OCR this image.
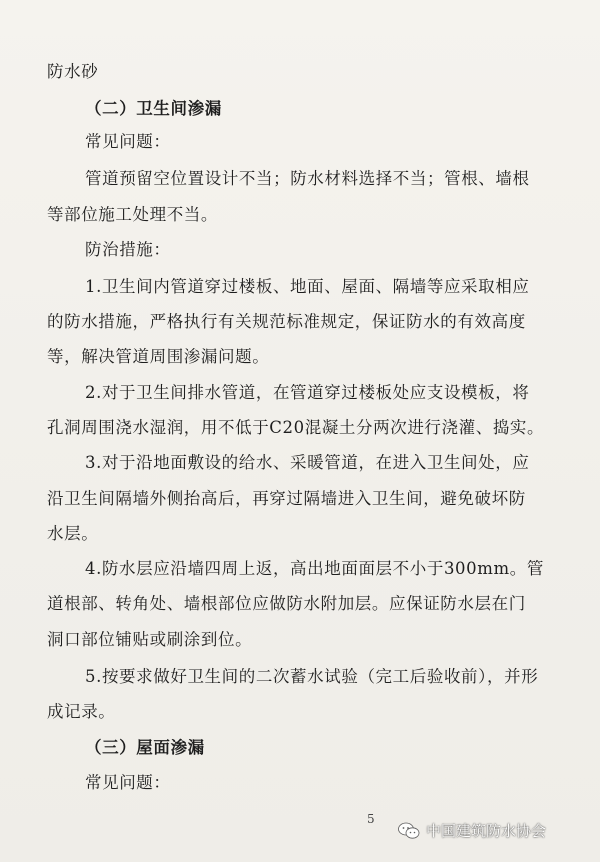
防水砂
（二）卫生间渗漏
常见问题：
管道预留空位置设计不当；防水材料选择不当；管根、墙根
等部位施工处理不当。
防治措施：
1.卫生间内管道穿过楼板、地面、屋面、隔墙等应采取相应
的防水措施，严格执行有关规范标准规定，保证防水的有效高度
等，解决管道周围渗漏问题。
2.对于卫生间排水管道，在管道穿过楼板处应支设模板，将
孔洞周围浇水湿润，用不低于C20混凝土分两次进行浇灌、捣实。
3.对于沿地面敷设的给水、采暖管道，在进入卫生间处，应
沿卫生间隔墙外侧抬高后，再穿过隔墙进入卫生间，避免破坏防
水层。
4.防水层应沿墙四周上返，高出地面面层不小于300mm。管
道根部、转角处、墙根部位应做防水附加层。应保证防水层在门
洞口部位铺贴或刷涂到位。
5.按要求做好卫生间的二次蓄水试验（完工后验收前），并形
成记录。
（三）屋面渗漏
常见问题：
5
中国建筑防水协会
